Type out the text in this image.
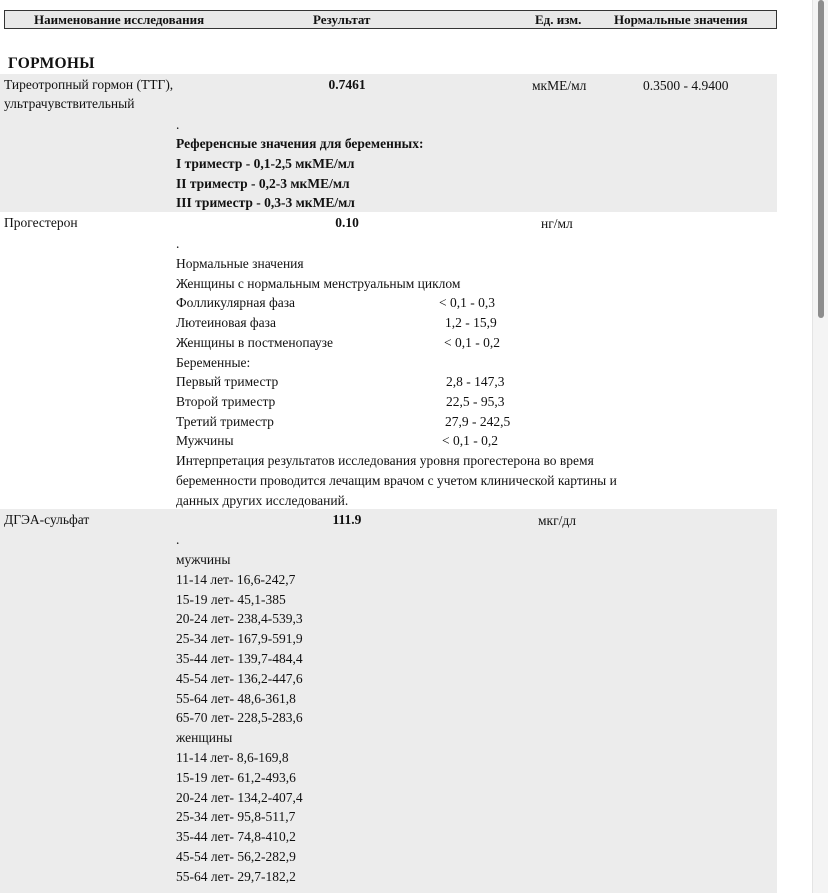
Наименование исследования	Результат	Ед. изм.	Нормальные значения
ГОРМОНЫ
Тиреотропный гормон (ТТГ),
ультрачувствительный
0.7461	мкМЕ/мл	0.3500 - 4.9400
.
Референсные значения для беременных:
I триместр - 0,1-2,5 мкМЕ/мл
II триместр - 0,2-3 мкМЕ/мл
III триместр - 0,3-3 мкМЕ/мл
Прогестерон	0.10	нг/мл
.
Нормальные значения
Женщины с нормальным менструальным циклом
Фолликулярная фаза	< 0,1 - 0,3
Лютеиновая фаза	1,2 - 15,9
Женщины в постменопаузе	< 0,1 - 0,2
Беременные:
Первый триместр	2,8 - 147,3
Второй триместр	22,5 - 95,3
Третий триместр	27,9 - 242,5
Мужчины	< 0,1 - 0,2
Интерпретация результатов исследования уровня прогестерона во время
беременности проводится лечащим врачом с учетом клинической картины и
данных других исследований.
ДГЭА-сульфат	111.9	мкг/дл
.
мужчины
11-14 лет- 16,6-242,7
15-19 лет- 45,1-385
20-24 лет- 238,4-539,3
25-34 лет- 167,9-591,9
35-44 лет- 139,7-484,4
45-54 лет- 136,2-447,6
55-64 лет- 48,6-361,8
65-70 лет- 228,5-283,6
женщины
11-14 лет- 8,6-169,8
15-19 лет- 61,2-493,6
20-24 лет- 134,2-407,4
25-34 лет- 95,8-511,7
35-44 лет- 74,8-410,2
45-54 лет- 56,2-282,9
55-64 лет- 29,7-182,2
